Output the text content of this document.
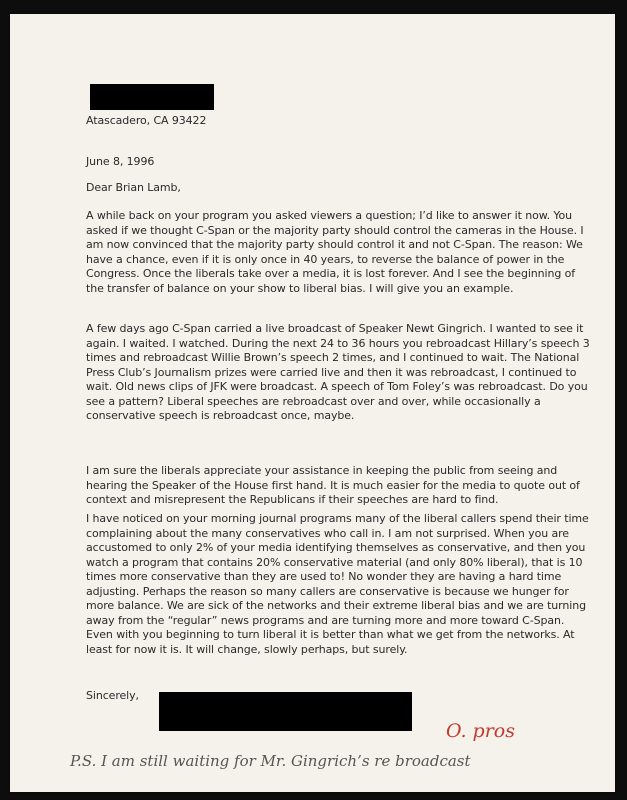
Atascadero, CA 93422
June 8, 1996
Dear Brian Lamb,

A while back on your program you asked viewers a question; I’d like to answer it now. You asked if we thought C-Span or the majority party should control the cameras in the House. I am now convinced that the majority party should control it and not C-Span. The reason: We have a chance, even if it is only once in 40 years, to reverse the balance of power in the Congress. Once the liberals take over a media, it is lost forever. And I see the beginning of the transfer of balance on your show to liberal bias. I will give you an example.

A few days ago C-Span carried a live broadcast of Speaker Newt Gingrich. I wanted to see it again. I waited. I watched. During the next 24 to 36 hours you rebroadcast Hillary’s speech 3 times and rebroadcast Willie Brown’s speech 2 times, and I continued to wait. The National Press Club’s Journalism prizes were carried live and then it was rebroadcast, I continued to wait. Old news clips of JFK were broadcast. A speech of Tom Foley’s was rebroadcast. Do you see a pattern? Liberal speeches are rebroadcast over and over, while occasionally a conservative speech is rebroadcast once, maybe.

I am sure the liberals appreciate your assistance in keeping the public from seeing and hearing the Speaker of the House first hand. It is much easier for the media to quote out of context and misrepresent the Republicans if their speeches are hard to find.

I have noticed on your morning journal programs many of the liberal callers spend their time complaining about the many conservatives who call in. I am not surprised. When you are accustomed to only 2% of your media identifying themselves as conservative, and then you watch a program that contains 20% conservative material (and only 80% liberal), that is 10 times more conservative than they are used to! No wonder they are having a hard time adjusting. Perhaps the reason so many callers are conservative is because we hunger for more balance. We are sick of the networks and their extreme liberal bias and we are turning away from the “regular” news programs and are turning more and more toward C-Span. Even with you beginning to turn liberal it is better than what we get from the networks. At least for now it is. It will change, slowly perhaps, but surely.

Sincerely,
O. pros
P.S. I am still waiting for Mr. Gingrich’s re broadcast
